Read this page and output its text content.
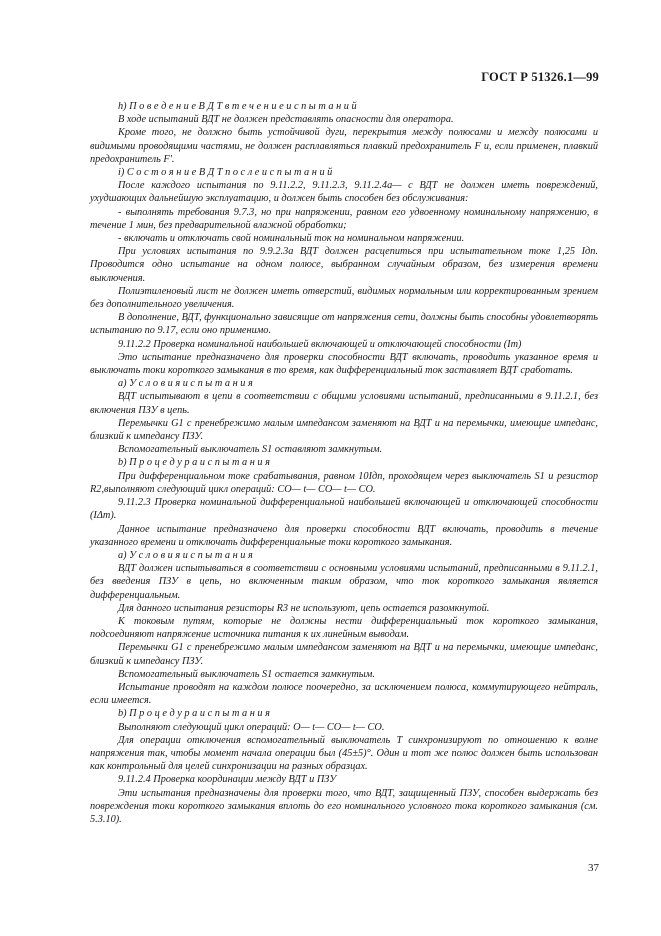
ГОСТ Р 51326.1—99

h) П о в е д е н и е В Д Т в т е ч е н и е и с п ы т а н и й

В ходе испытаний ВДТ не должен представлять опасности для оператора.

Кроме того, не должно быть устойчивой дуги, перекрытия между полюсами и между полюсами и видимыми проводящими частями, не должен расплавляться плавкий предохранитель F и, если применен, плавкий предохранитель F'.

i) С о с т о я н и е В Д Т п о с л е и с п ы т а н и й

После каждого испытания по 9.11.2.2, 9.11.2.3, 9.11.2.4а— с ВДТ не должен иметь повреждений, ухудшающих дальнейшую эксплуатацию, и должен быть способен без обслуживания:

- выполнять требования 9.7.3, но при напряжении, равном его удвоенному номинальному напряжению, в течение 1 мин, без предварительной влажной обработки;

- включать и отключать свой номинальный ток на номинальном напряжении.

При условиях испытания по 9.9.2.3а ВДТ должен расцепиться при испытательном токе 1,25 Iдп. Проводится одно испытание на одном полюсе, выбранном случайным образом, без измерения времени выключения.

Полиэтиленовый лист не должен иметь отверстий, видимых нормальным или корректированным зрением без дополнительного увеличения.

В дополнение, ВДТ, функционально зависящие от напряжения сети, должны быть способны удовлетворять испытанию по 9.17, если оно применимо.

9.11.2.2 Проверка номинальной наибольшей включающей и отключающей способности (Im)

Это испытание предназначено для проверки способности ВДТ включать, проводить указанное время и выключать токи короткого замыкания в то время, как дифференциальный ток заставляет ВДТ сработать.

а) У с л о в и я и с п ы т а н и я

ВДТ испытывают в цепи в соответствии с общими условиями испытаний, предписанными в 9.11.2.1, без включения ПЗУ в цепь.

Перемычки G1 с пренебрежимо малым импедансом заменяют на ВДТ и на перемычки, имеющие импеданс, близкий к импедансу ПЗУ.

Вспомогательный выключатель S1 оставляют замкнутым.

b) П р о ц е д у р а и с п ы т а н и я

При дифференциальном токе срабатывания, равном 10Iдп, проходящем через выключатель S1 и резистор R2,выполняют следующий цикл операций: CO— t— CO— t— CO.

9.11.2.3 Проверка номинальной дифференциальной наибольшей включающей и отключающей способности (IΔm).

Данное испытание предназначено для проверки способности ВДТ включать, проводить в течение указанного времени и отключать дифференциальные токи короткого замыкания.

а) У с л о в и я и с п ы т а н и я

ВДТ должен испытываться в соответствии с основными условиями испытаний, предписанными в 9.11.2.1, без введения ПЗУ в цепь, но включенным таким образом, что ток короткого замыкания является дифференциальным.

Для данного испытания резисторы R3 не используют, цепь остается разомкнутой.

К токовым путям, которые не должны нести дифференциальный ток короткого замыкания, подсоединяют напряжение источника питания к их линейным выводам.

Перемычки G1 с пренебрежимо малым импедансом заменяют на ВДТ и на перемычки, имеющие импеданс, близкий к импедансу ПЗУ.

Вспомогательный выключатель S1 остается замкнутым.

Испытание проводят на каждом полюсе поочередно, за исключением полюса, коммутирующего нейтраль, если имеется.

b) П р о ц е д у р а и с п ы т а н и я

Выполняют следующий цикл операций: O— t— CO— t— CO.

Для операции отключения вспомогательный выключатель T синхронизируют по отношению к волне напряжения так, чтобы момент начала операции был (45±5)°. Один и тот же полюс должен быть использован как контрольный для целей синхронизации на разных образцах.

9.11.2.4 Проверка координации между ВДТ и ПЗУ

Эти испытания предназначены для проверки того, что ВДТ, защищенный ПЗУ, способен выдержать без повреждения токи короткого замыкания вплоть до его номинального условного тока короткого замыкания (см. 5.3.10).

37
